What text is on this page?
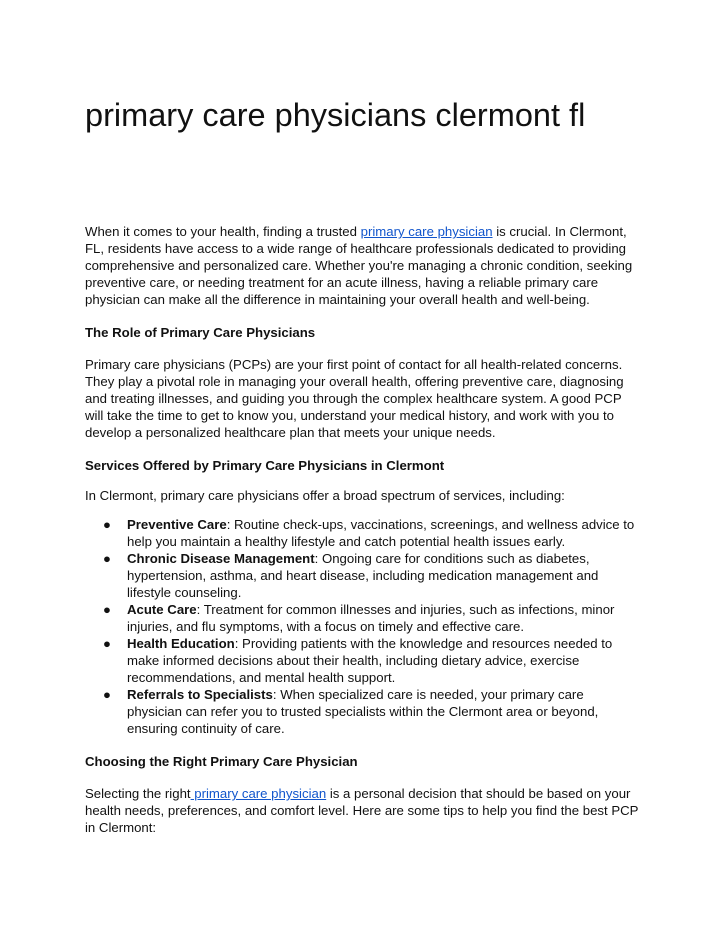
primary care physicians clermont fl

When it comes to your health, finding a trusted primary care physician is crucial. In Clermont, FL, residents have access to a wide range of healthcare professionals dedicated to providing comprehensive and personalized care. Whether you're managing a chronic condition, seeking preventive care, or needing treatment for an acute illness, having a reliable primary care physician can make all the difference in maintaining your overall health and well-being.

The Role of Primary Care Physicians

Primary care physicians (PCPs) are your first point of contact for all health-related concerns. They play a pivotal role in managing your overall health, offering preventive care, diagnosing and treating illnesses, and guiding you through the complex healthcare system. A good PCP will take the time to get to know you, understand your medical history, and work with you to develop a personalized healthcare plan that meets your unique needs.

Services Offered by Primary Care Physicians in Clermont

In Clermont, primary care physicians offer a broad spectrum of services, including:

● Preventive Care: Routine check-ups, vaccinations, screenings, and wellness advice to help you maintain a healthy lifestyle and catch potential health issues early.
● Chronic Disease Management: Ongoing care for conditions such as diabetes, hypertension, asthma, and heart disease, including medication management and lifestyle counseling.
● Acute Care: Treatment for common illnesses and injuries, such as infections, minor injuries, and flu symptoms, with a focus on timely and effective care.
● Health Education: Providing patients with the knowledge and resources needed to make informed decisions about their health, including dietary advice, exercise recommendations, and mental health support.
● Referrals to Specialists: When specialized care is needed, your primary care physician can refer you to trusted specialists within the Clermont area or beyond, ensuring continuity of care.

Choosing the Right Primary Care Physician

Selecting the right primary care physician is a personal decision that should be based on your health needs, preferences, and comfort level. Here are some tips to help you find the best PCP in Clermont:
